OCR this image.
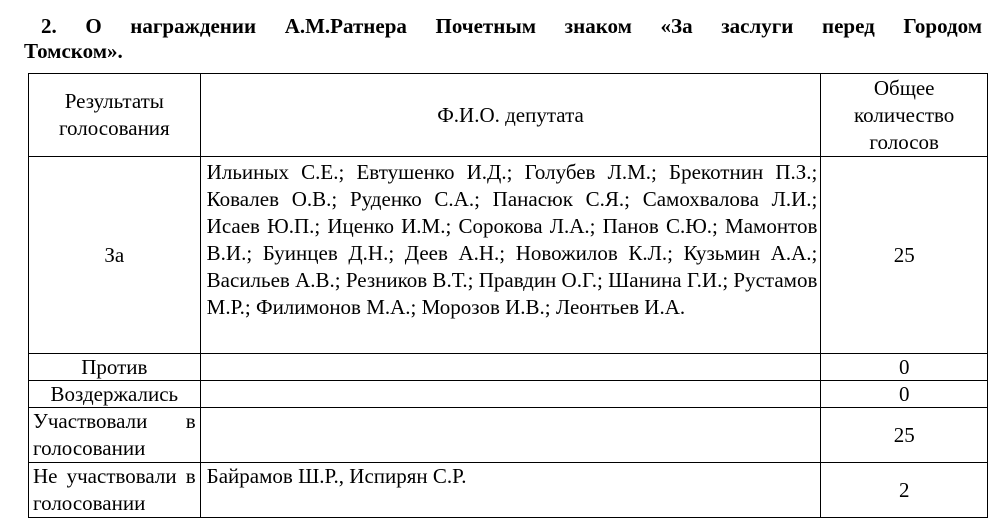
2. О награждении А.М.Ратнера Почетным знаком «За заслуги перед Городом

Томском».

Результаты голосования	Ф.И.О. депутата	Общее количество голосов
За	Ильиных С.Е.; Евтушенко И.Д.; Голубев Л.М.; Брекотнин П.З.; Ковалев О.В.; Руденко С.А.; Панасюк С.Я.; Самохвалова Л.И.; Исаев Ю.П.; Иценко И.М.; Сорокова Л.А.; Панов С.Ю.; Мамонтов В.И.; Буинцев Д.Н.; Деев А.Н.; Новожилов К.Л.; Кузьмин А.А.; Васильев А.В.; Резников В.Т.; Правдин О.Г.; Шанина Г.И.; Рустамов М.Р.; Филимонов М.А.; Морозов И.В.; Леонтьев И.А.	25
Против		0
Воздержались		0
Участвовали в голосовании		25
Не участвовали в голосовании	Байрамов Ш.Р., Испирян С.Р.	2
